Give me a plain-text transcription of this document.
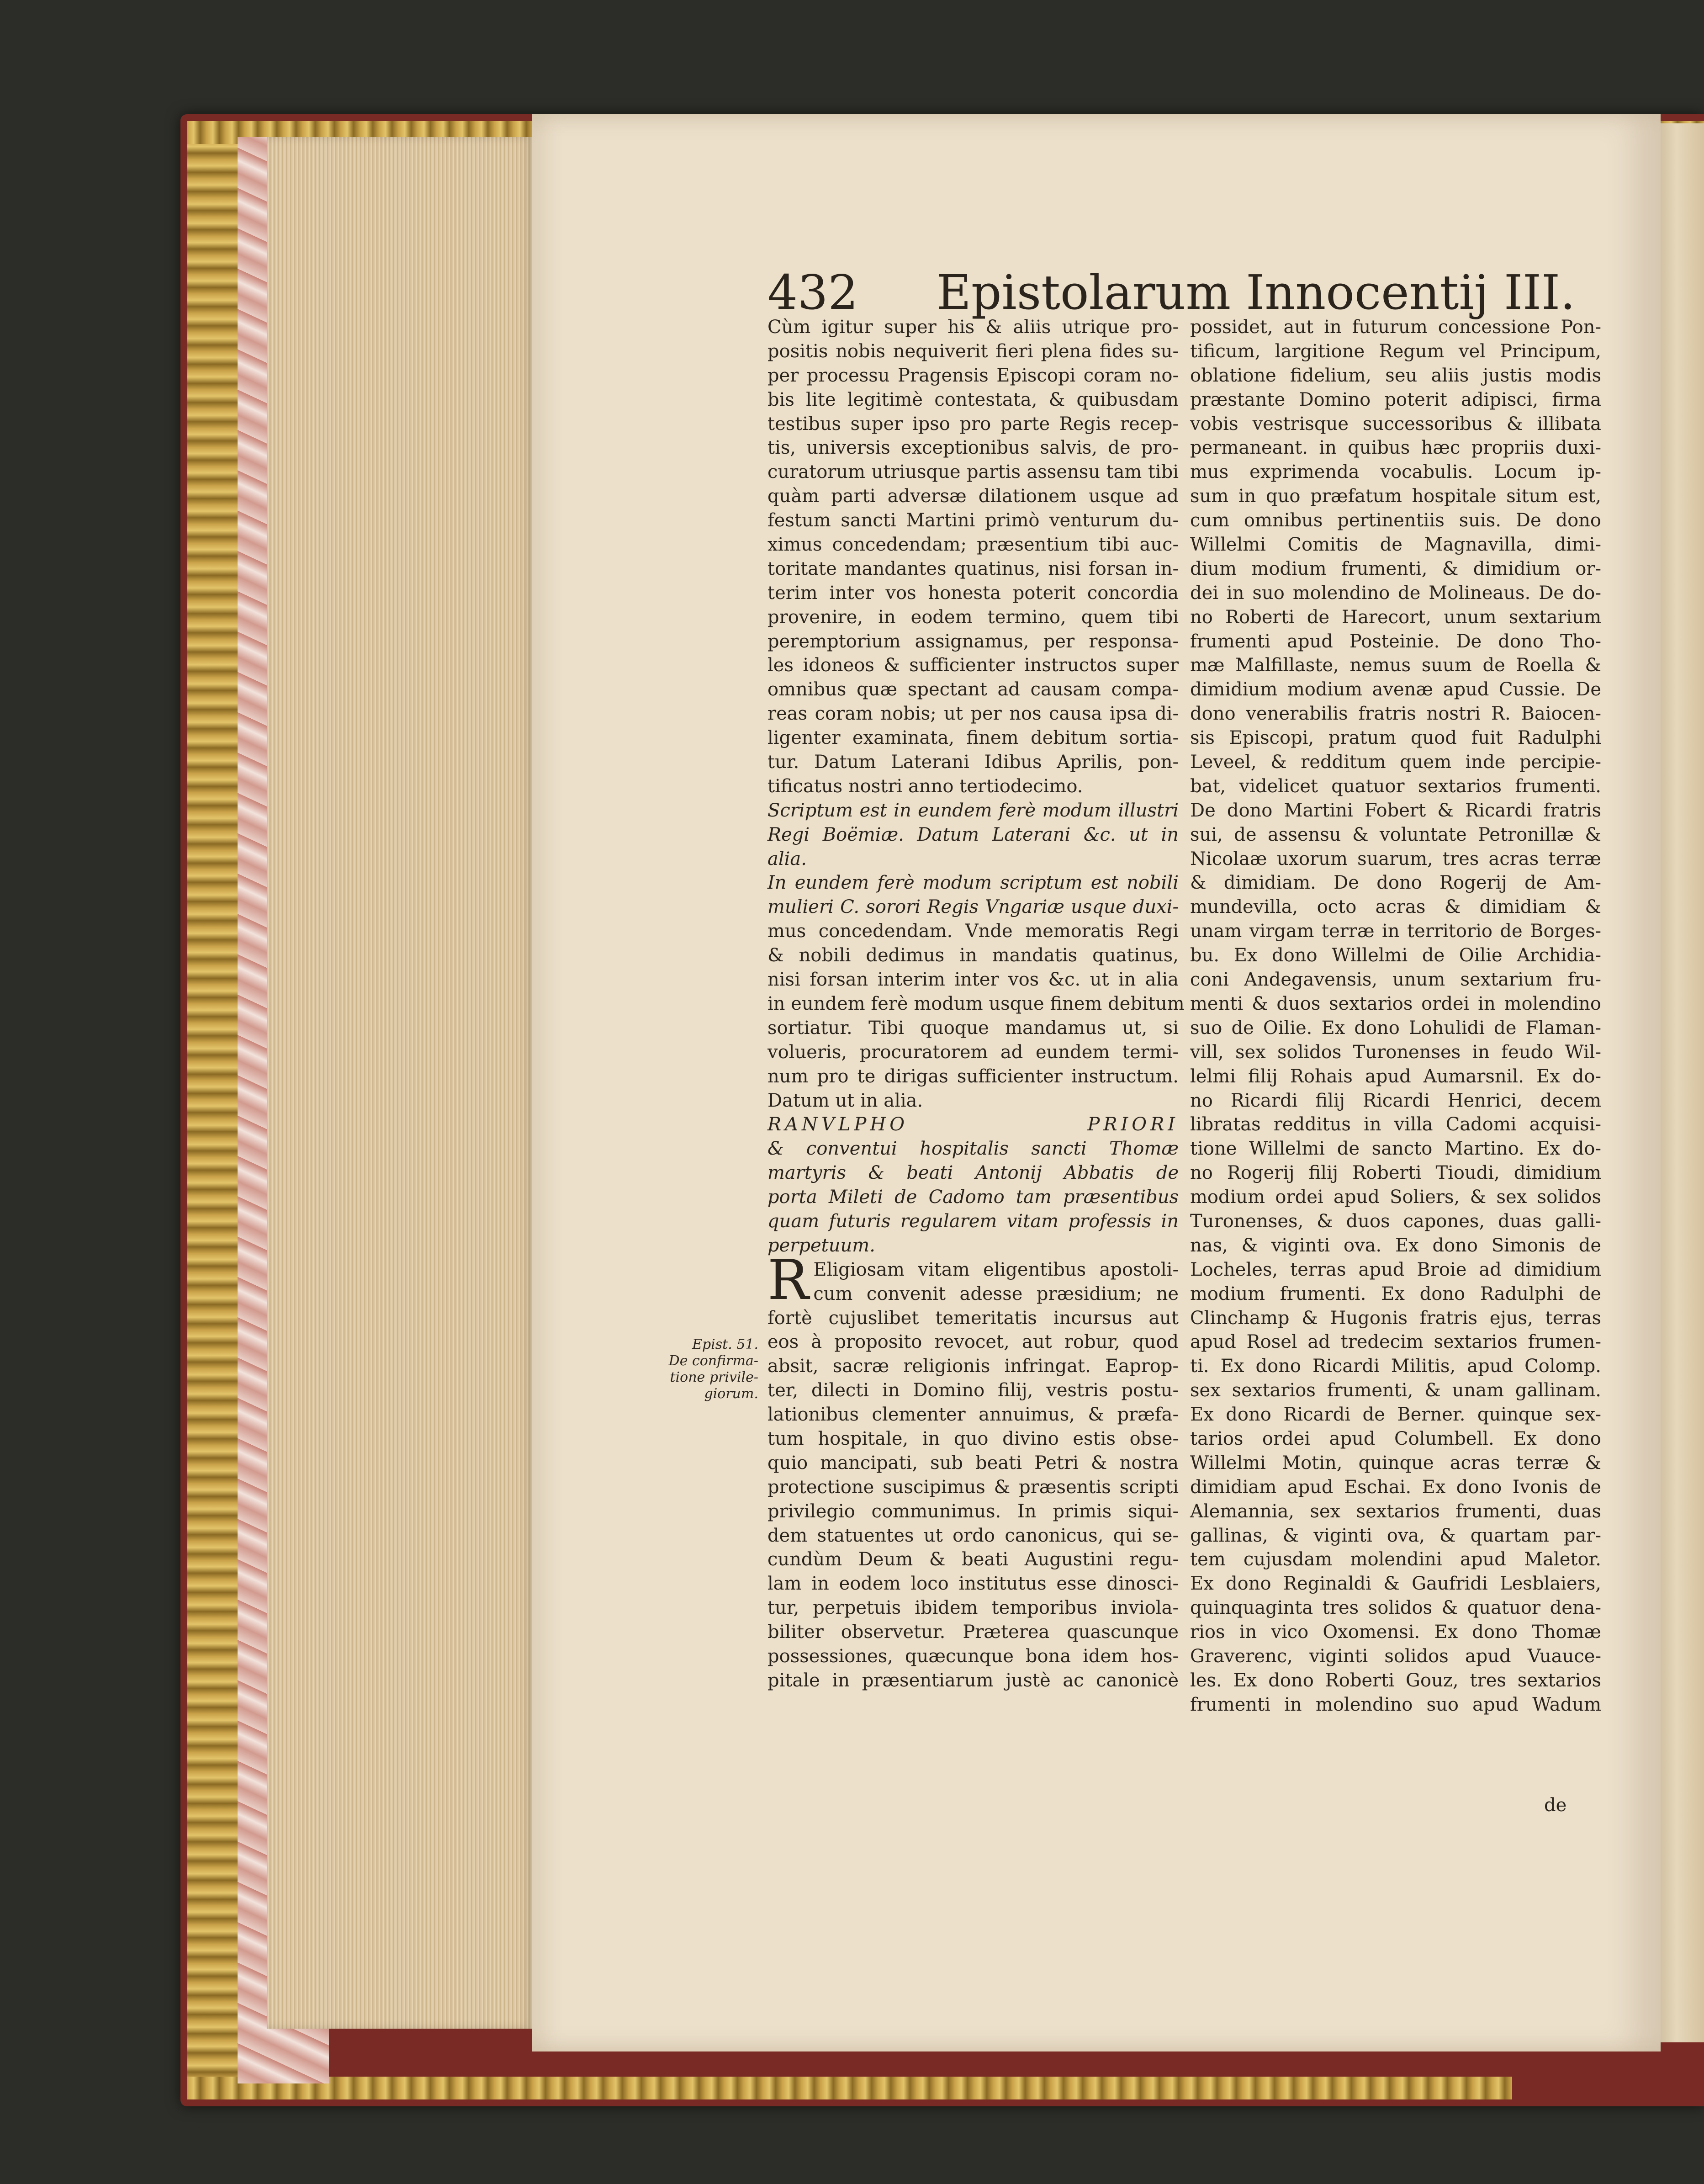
432 Epistolarum Innocentij III.
Epist. 51.
De confirma-
tione privile-
giorum.
Cùm igitur super his & aliis utrique pro-
positis nobis nequiverit fieri plena fides su-
per processu Pragensis Episcopi coram no-
bis lite legitimè contestata, & quibusdam
testibus super ipso pro parte Regis recep-
tis, universis exceptionibus salvis, de pro-
curatorum utriusque partis assensu tam tibi
quàm parti adversæ dilationem usque ad
festum sancti Martini primò venturum du-
ximus concedendam; præsentium tibi auc-
toritate mandantes quatinus, nisi forsan in-
terim inter vos honesta poterit concordia
provenire, in eodem termino, quem tibi
peremptorium assignamus, per responsa-
les idoneos & sufficienter instructos super
omnibus quæ spectant ad causam compa-
reas coram nobis; ut per nos causa ipsa di-
ligenter examinata, finem debitum sortia-
tur. Datum Laterani Idibus Aprilis, pon-
tificatus nostri anno tertiodecimo.
Scriptum est in eundem ferè modum illustri
Regi Boëmiæ. Datum Laterani &c. ut in
alia.
In eundem ferè modum scriptum est nobili
mulieri C. sorori Regis Vngariæ usque duxi-
mus concedendam. Vnde memoratis Regi
& nobili dedimus in mandatis quatinus,
nisi forsan interim inter vos &c. ut in alia
in eundem ferè modum usque finem debitum
sortiatur. Tibi quoque mandamus ut, si
volueris, procuratorem ad eundem termi-
num pro te dirigas sufficienter instructum.
Datum ut in alia.
RANVLPHO PRIORI
& conventui hospitalis sancti Thomæ
martyris & beati Antonij Abbatis de
porta Mileti de Cadomo tam præsentibus
quam futuris regularem vitam professis in
perpetuum.
R Eligiosam vitam eligentibus apostoli-
cum convenit adesse præsidium; ne
fortè cujuslibet temeritatis incursus aut
eos à proposito revocet, aut robur, quod
absit, sacræ religionis infringat. Eaprop-
ter, dilecti in Domino filij, vestris postu-
lationibus clementer annuimus, & præfa-
tum hospitale, in quo divino estis obse-
quio mancipati, sub beati Petri & nostra
protectione suscipimus & præsentis scripti
privilegio communimus. In primis siqui-
dem statuentes ut ordo canonicus, qui se-
cundùm Deum & beati Augustini regu-
lam in eodem loco institutus esse dinosci-
tur, perpetuis ibidem temporibus inviola-
biliter observetur. Præterea quascunque
possessiones, quæcunque bona idem hos-
pitale in præsentiarum justè ac canonicè
possidet, aut in futurum concessione Pon-
tificum, largitione Regum vel Principum,
oblatione fidelium, seu aliis justis modis
præstante Domino poterit adipisci, firma
vobis vestrisque successoribus & illibata
permaneant. in quibus hæc propriis duxi-
mus exprimenda vocabulis. Locum ip-
sum in quo præfatum hospitale situm est,
cum omnibus pertinentiis suis. De dono
Willelmi Comitis de Magnavilla, dimi-
dium modium frumenti, & dimidium or-
dei in suo molendino de Molineaus. De do-
no Roberti de Harecort, unum sextarium
frumenti apud Posteinie. De dono Tho-
mæ Malfillaste, nemus suum de Roella &
dimidium modium avenæ apud Cussie. De
dono venerabilis fratris nostri R. Baiocen-
sis Episcopi, pratum quod fuit Radulphi
Leveel, & redditum quem inde percipie-
bat, videlicet quatuor sextarios frumenti.
De dono Martini Fobert & Ricardi fratris
sui, de assensu & voluntate Petronillæ &
Nicolaæ uxorum suarum, tres acras terræ
& dimidiam. De dono Rogerij de Am-
mundevilla, octo acras & dimidiam &
unam virgam terræ in territorio de Borges-
bu. Ex dono Willelmi de Oilie Archidia-
coni Andegavensis, unum sextarium fru-
menti & duos sextarios ordei in molendino
suo de Oilie. Ex dono Lohulidi de Flaman-
vill, sex solidos Turonenses in feudo Wil-
lelmi filij Rohais apud Aumarsnil. Ex do-
no Ricardi filij Ricardi Henrici, decem
libratas redditus in villa Cadomi acquisi-
tione Willelmi de sancto Martino. Ex do-
no Rogerij filij Roberti Tioudi, dimidium
modium ordei apud Soliers, & sex solidos
Turonenses, & duos capones, duas galli-
nas, & viginti ova. Ex dono Simonis de
Locheles, terras apud Broie ad dimidium
modium frumenti. Ex dono Radulphi de
Clinchamp & Hugonis fratris ejus, terras
apud Rosel ad tredecim sextarios frumen-
ti. Ex dono Ricardi Militis, apud Colomp.
sex sextarios frumenti, & unam gallinam.
Ex dono Ricardi de Berner. quinque sex-
tarios ordei apud Columbell. Ex dono
Willelmi Motin, quinque acras terræ &
dimidiam apud Eschai. Ex dono Ivonis de
Alemannia, sex sextarios frumenti, duas
gallinas, & viginti ova, & quartam par-
tem cujusdam molendini apud Maletor.
Ex dono Reginaldi & Gaufridi Lesblaiers,
quinquaginta tres solidos & quatuor dena-
rios in vico Oxomensi. Ex dono Thomæ
Graverenc, viginti solidos apud Vuauce-
les. Ex dono Roberti Gouz, tres sextarios
frumenti in molendino suo apud Wadum
de
